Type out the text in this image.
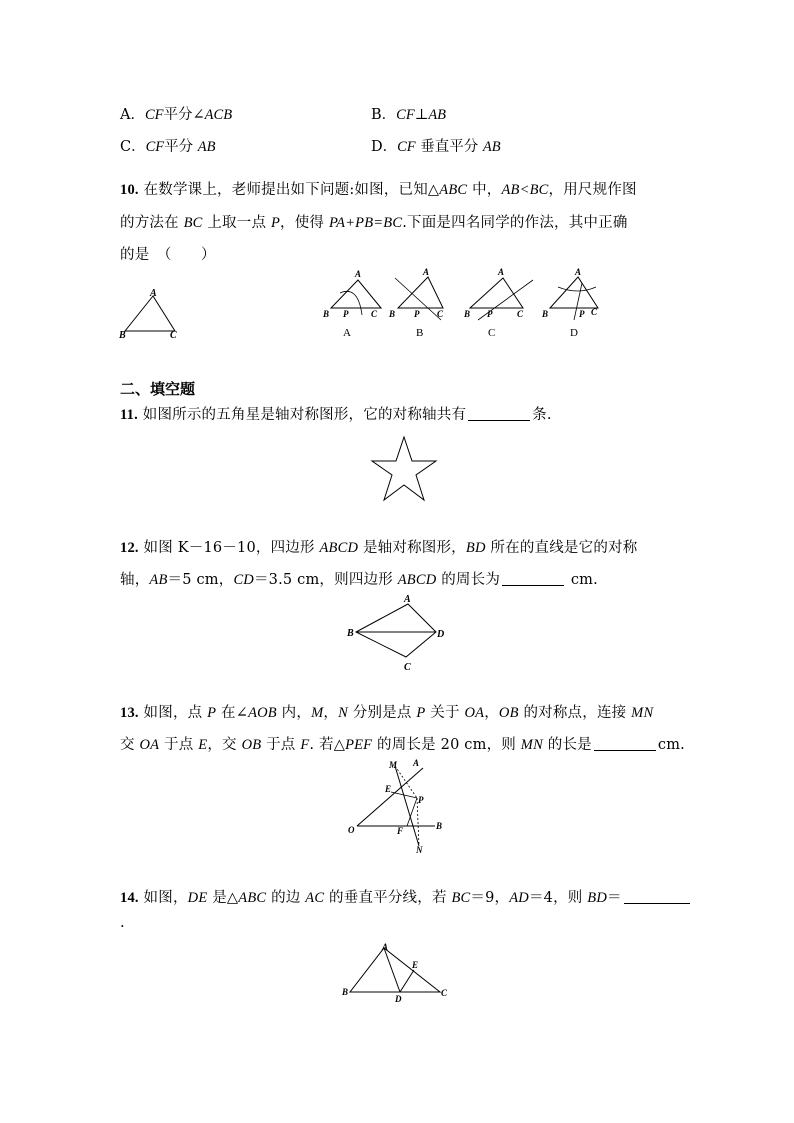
A．CF平分∠ACB	B．CF⊥AB
C．CF平分 AB	D．CF 垂直平分 AB
10. 在数学课上，老师提出如下问题:如图，已知△ABC 中，AB<BC，用尺规作图
的方法在 BC 上取一点 P，使得 PA+PB=BC.下面是四名同学的作法，其中正确
的是　（　　）
A
B	C
A
B P	C
A
A
B P C
B
A
B P	C
C
A
B	P C
D
二、填空题
11. 如图所示的五角星是轴对称图形，它的对称轴共有	条.
12. 如图 K－16－10，四边形 ABCD 是轴对称图形，BD 所在的直线是它的对称
轴，AB＝5 cm，CD＝3.5 cm，则四边形 ABCD 的周长为	cm.
A
B	D
C
13. 如图，点 P 在∠AOB 内，M，N 分别是点 P 关于 OA，OB 的对称点，连接 MN
交 OA 于点 E，交 OB 于点 F. 若△PEF 的周长是 20 cm，则 MN 的长是	cm.
M A
E
P
O	F	B
N
14. 如图，DE 是△ABC 的边 AC 的垂直平分线，若 BC＝9，AD＝4，则 BD＝
.
A
B
D
E
C
